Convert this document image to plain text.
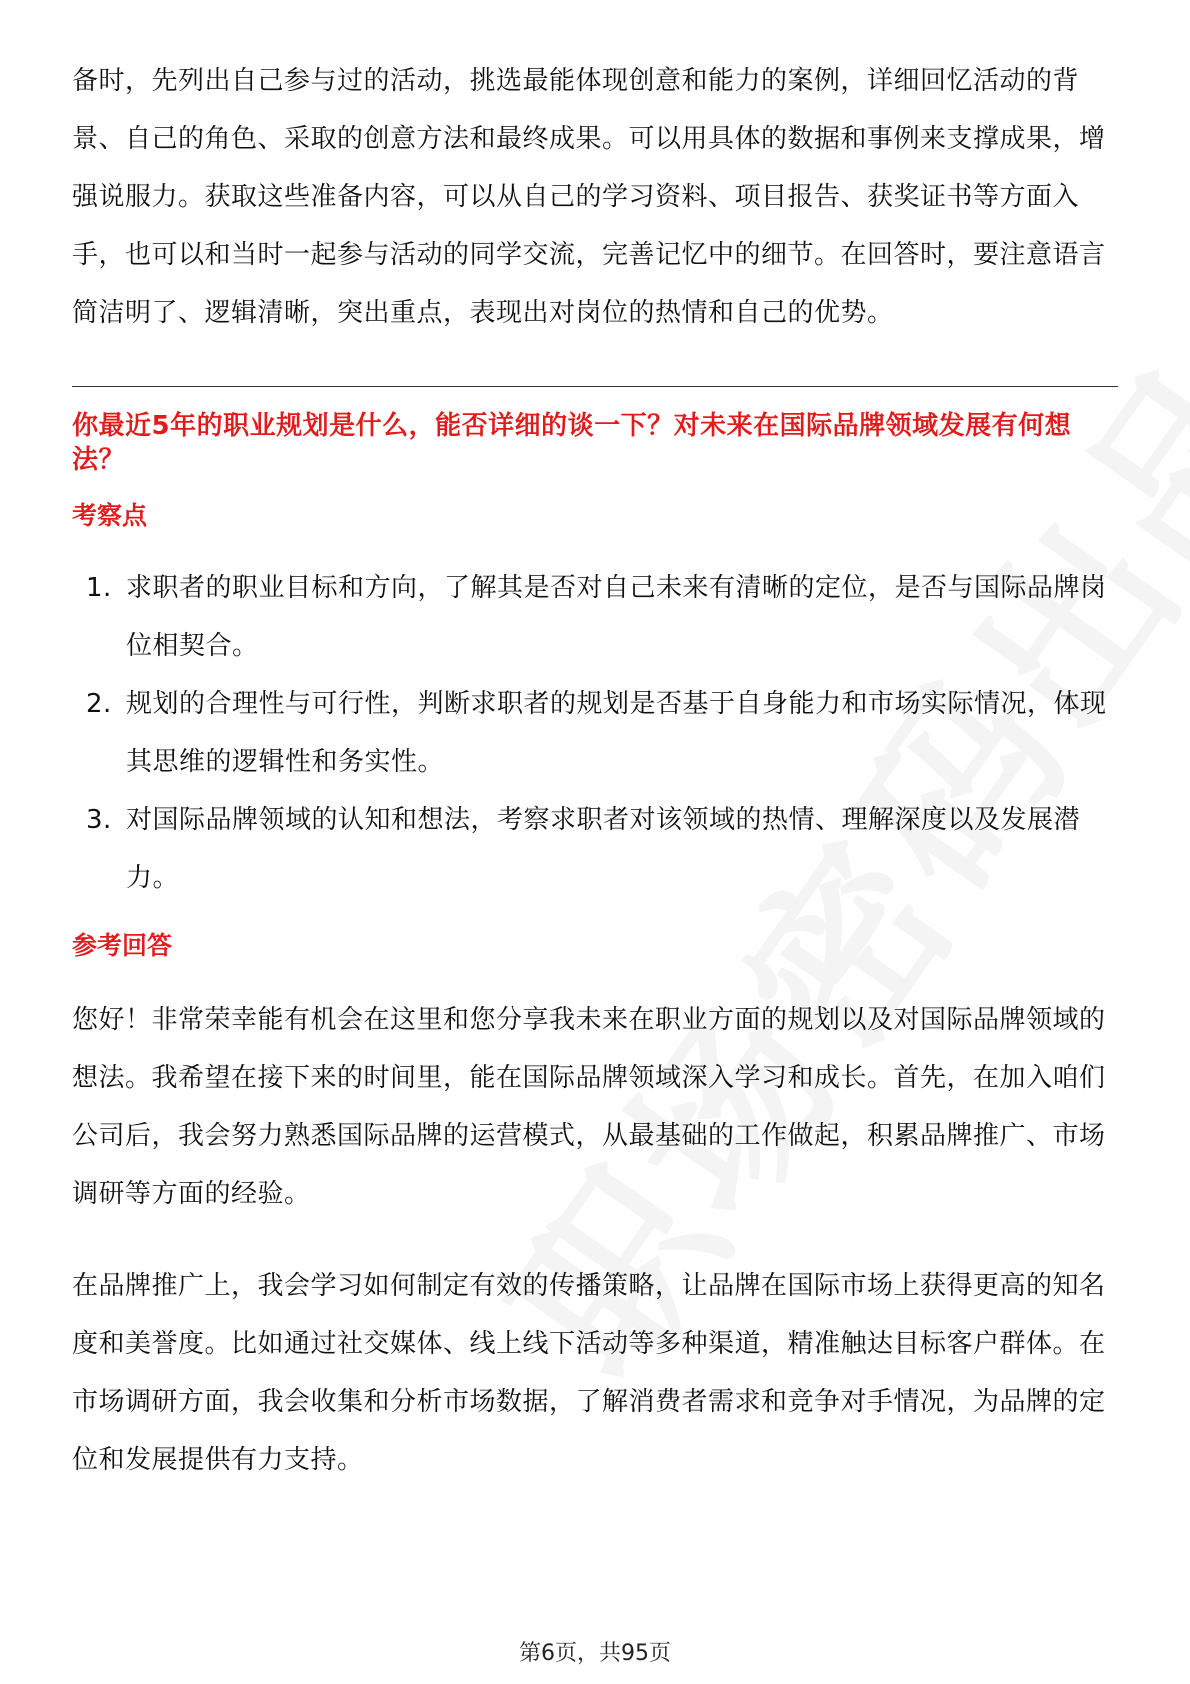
备时，先列出自己参与过的活动，挑选最能体现创意和能力的案例，详细回忆活动的背景、自己的角色、采取的创意方法和最终成果。可以用具体的数据和事例来支撑成果，增强说服力。获取这些准备内容，可以从自己的学习资料、项目报告、获奖证书等方面入手，也可以和当时一起参与活动的同学交流，完善记忆中的细节。在回答时，要注意语言简洁明了、逻辑清晰，突出重点，表现出对岗位的热情和自己的优势。

你最近5年的职业规划是什么，能否详细的谈一下？对未来在国际品牌领域发展有何想法？
考察点
1. 求职者的职业目标和方向，了解其是否对自己未来有清晰的定位，是否与国际品牌岗位相契合。
2. 规划的合理性与可行性，判断求职者的规划是否基于自身能力和市场实际情况，体现其思维的逻辑性和务实性。
3. 对国际品牌领域的认知和想法，考察求职者对该领域的热情、理解深度以及发展潜力。
参考回答

您好！非常荣幸能有机会在这里和您分享我未来在职业方面的规划以及对国际品牌领域的想法。我希望在接下来的时间里，能在国际品牌领域深入学习和成长。首先，在加入咱们公司后，我会努力熟悉国际品牌的运营模式，从最基础的工作做起，积累品牌推广、市场调研等方面的经验。

在品牌推广上，我会学习如何制定有效的传播策略，让品牌在国际市场上获得更高的知名度和美誉度。比如通过社交媒体、线上线下活动等多种渠道，精准触达目标客户群体。在市场调研方面，我会收集和分析市场数据，了解消费者需求和竞争对手情况，为品牌的定位和发展提供有力支持。

第6页，共95页
